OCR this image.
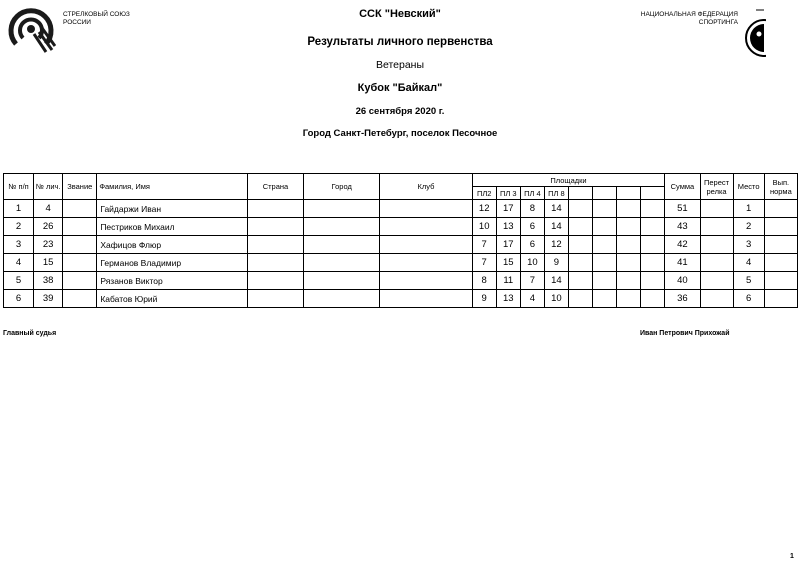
СТРЕЛКОВЫЙ СОЮЗ
РОССИИ
НАЦИОНАЛЬНАЯ ФЕДЕРАЦИЯ
СПОРТИНГА
ССК "Невский"
Результаты личного первенства
Ветераны
Кубок "Байкал"
26 сентября 2020 г.
Город Санкт-Петебург, поселок Песочное
№ п/п	№ лич.	Звание	Фамилия, Имя	Страна	Город	Клуб	Площадки								Сумма	Перест релка	Место	Вып. норма
							ПЛ2	ПЛ 3	ПЛ 4	ПЛ 8								
1	4		Гайдаржи Иван				12	17	8	14					51		1	
2	26		Пестриков Михаил				10	13	6	14					43		2	
3	23		Хафицов Флюр				7	17	6	12					42		3	
4	15		Германов Владимир				7	15	10	9					41		4	
5	38		Рязанов Виктор				8	11	7	14					40		5	
6	39		Кабатов Юрий				9	13	4	10					36		6	
Главный судья	Иван Петрович Прихожай
1
